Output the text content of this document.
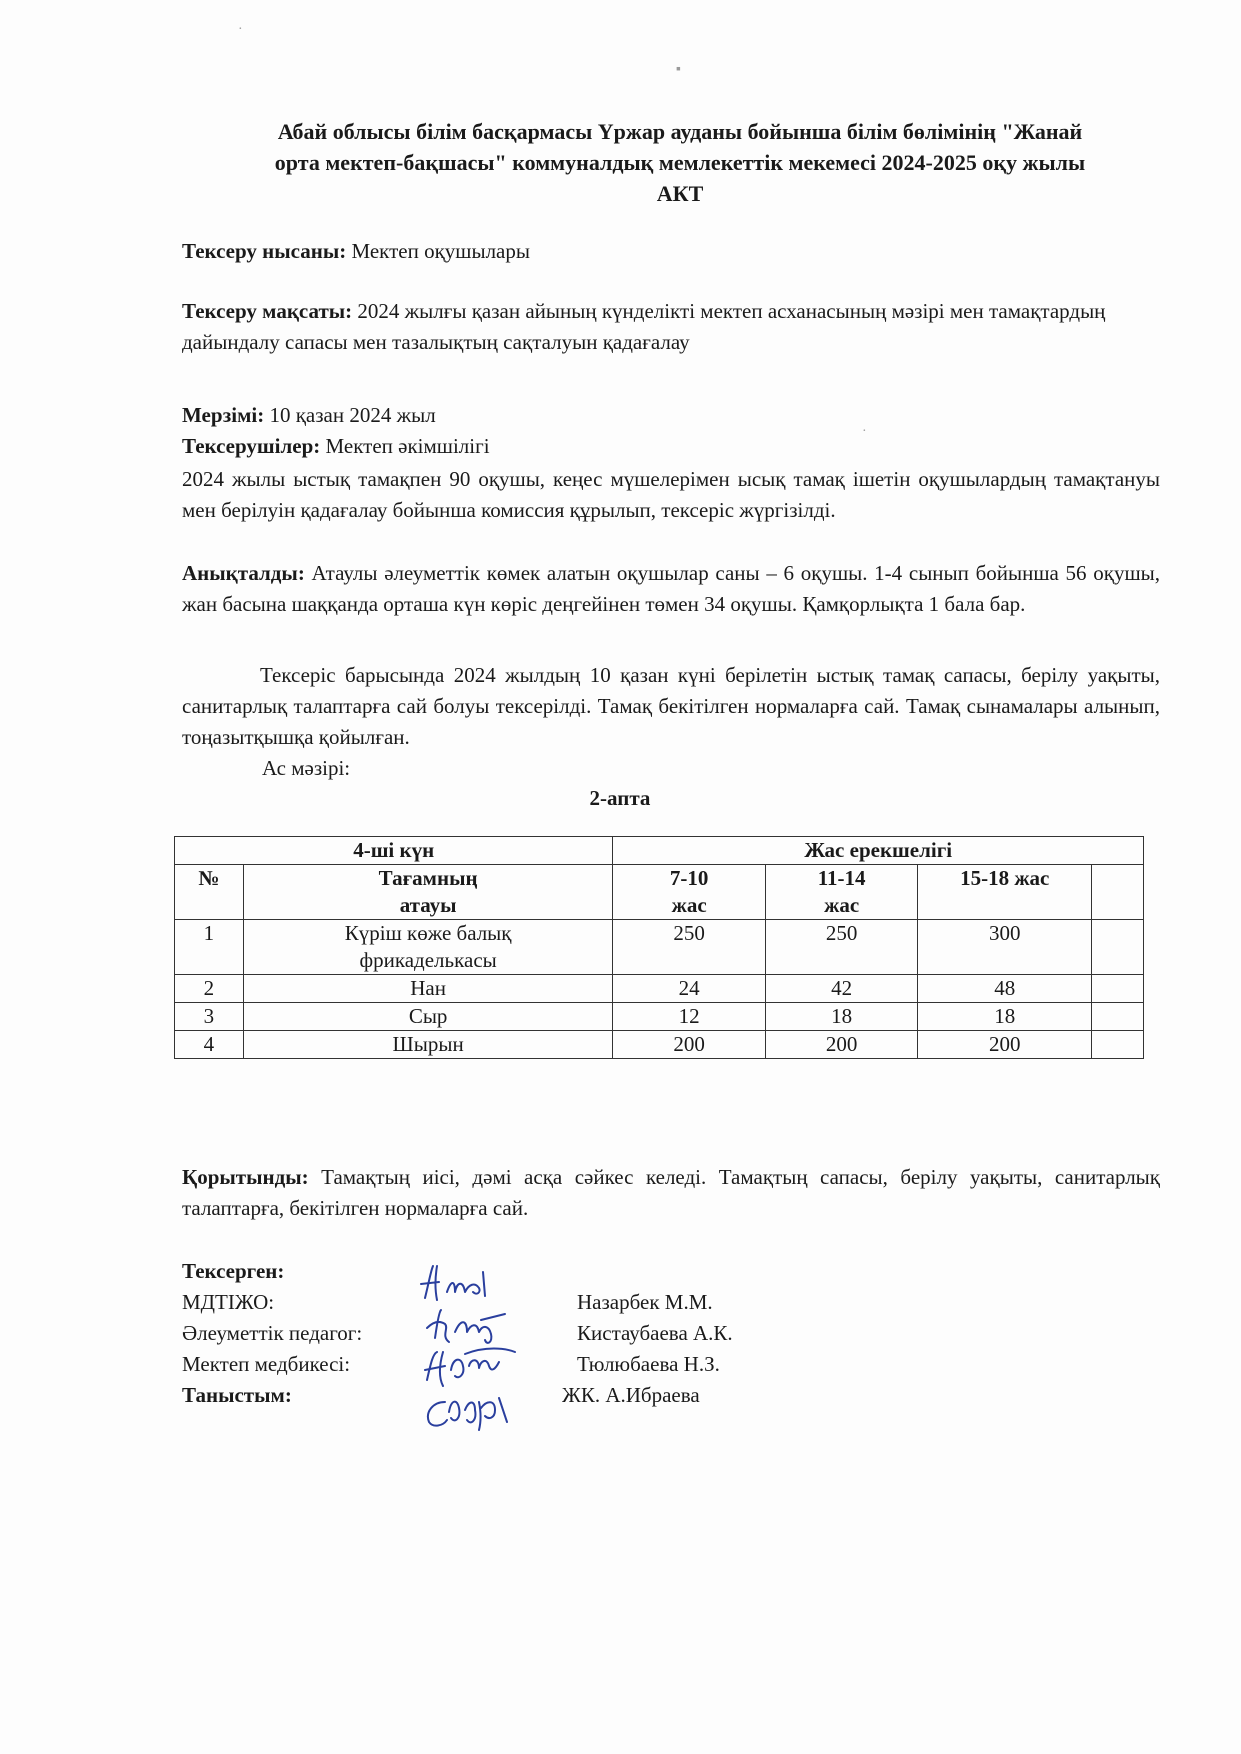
Абай облысы білім басқармасы Үржар ауданы бойынша білім бөлімінің "Жанай
орта мектеп-бақшасы" коммуналдық мемлекеттік мекемесі 2024-2025 оқу жылы
АКТ
Тексеру нысаны: Мектеп оқушылары
Тексеру мақсаты: 2024 жылғы қазан айының күнделікті мектеп асханасының мәзірі мен тамақтардың дайындалу сапасы мен тазалықтың сақталуын қадағалау
Мерзімі: 10 қазан 2024 жыл
Тексерушілер: Мектеп әкімшілігі
2024 жылы ыстық тамақпен 90 оқушы, кеңес мүшелерімен ысық тамақ ішетін оқушылардың тамақтануы мен берілуін қадағалау бойынша комиссия құрылып, тексеріс жүргізілді.
Анықталды: Атаулы әлеуметтік көмек алатын оқушылар саны – 6 оқушы. 1-4 сынып бойынша 56 оқушы, жан басына шаққанда орташа күн көріс деңгейінен төмен 34 оқушы. Қамқорлықта 1 бала бар.
Тексеріс барысында 2024 жылдың 10 қазан күні берілетін ыстық тамақ сапасы, берілу уақыты, санитарлық талаптарға сай болуы тексерілді. Тамақ бекітілген нормаларға сай. Тамақ сынамалары алынып, тоңазытқышқа қойылған.
Ас мәзірі:
2-апта
4-ші күн		Жас ерекшелігі			
№	Тағамның атауы	7-10 жас	11-14 жас	15-18 жас	
1	Күріш көже балық фрикаделькасы	250	250	300	
2	Нан	24	42	48	
3	Сыр	12	18	18	
4	Шырын	200	200	200	
Қорытынды: Тамақтың иісі, дәмі асқа сәйкес келеді. Тамақтың сапасы, берілу уақыты, санитарлық талаптарға, бекітілген нормаларға сай.
Тексерген:
МДТІЖО:	Назарбек М.М.
Әлеуметтік педагог:	Кистаубаева А.К.
Мектеп медбикесі:	Тюлюбаева Н.З.
Таныстым:	ЖК. А.Ибраева
·
▪
·
